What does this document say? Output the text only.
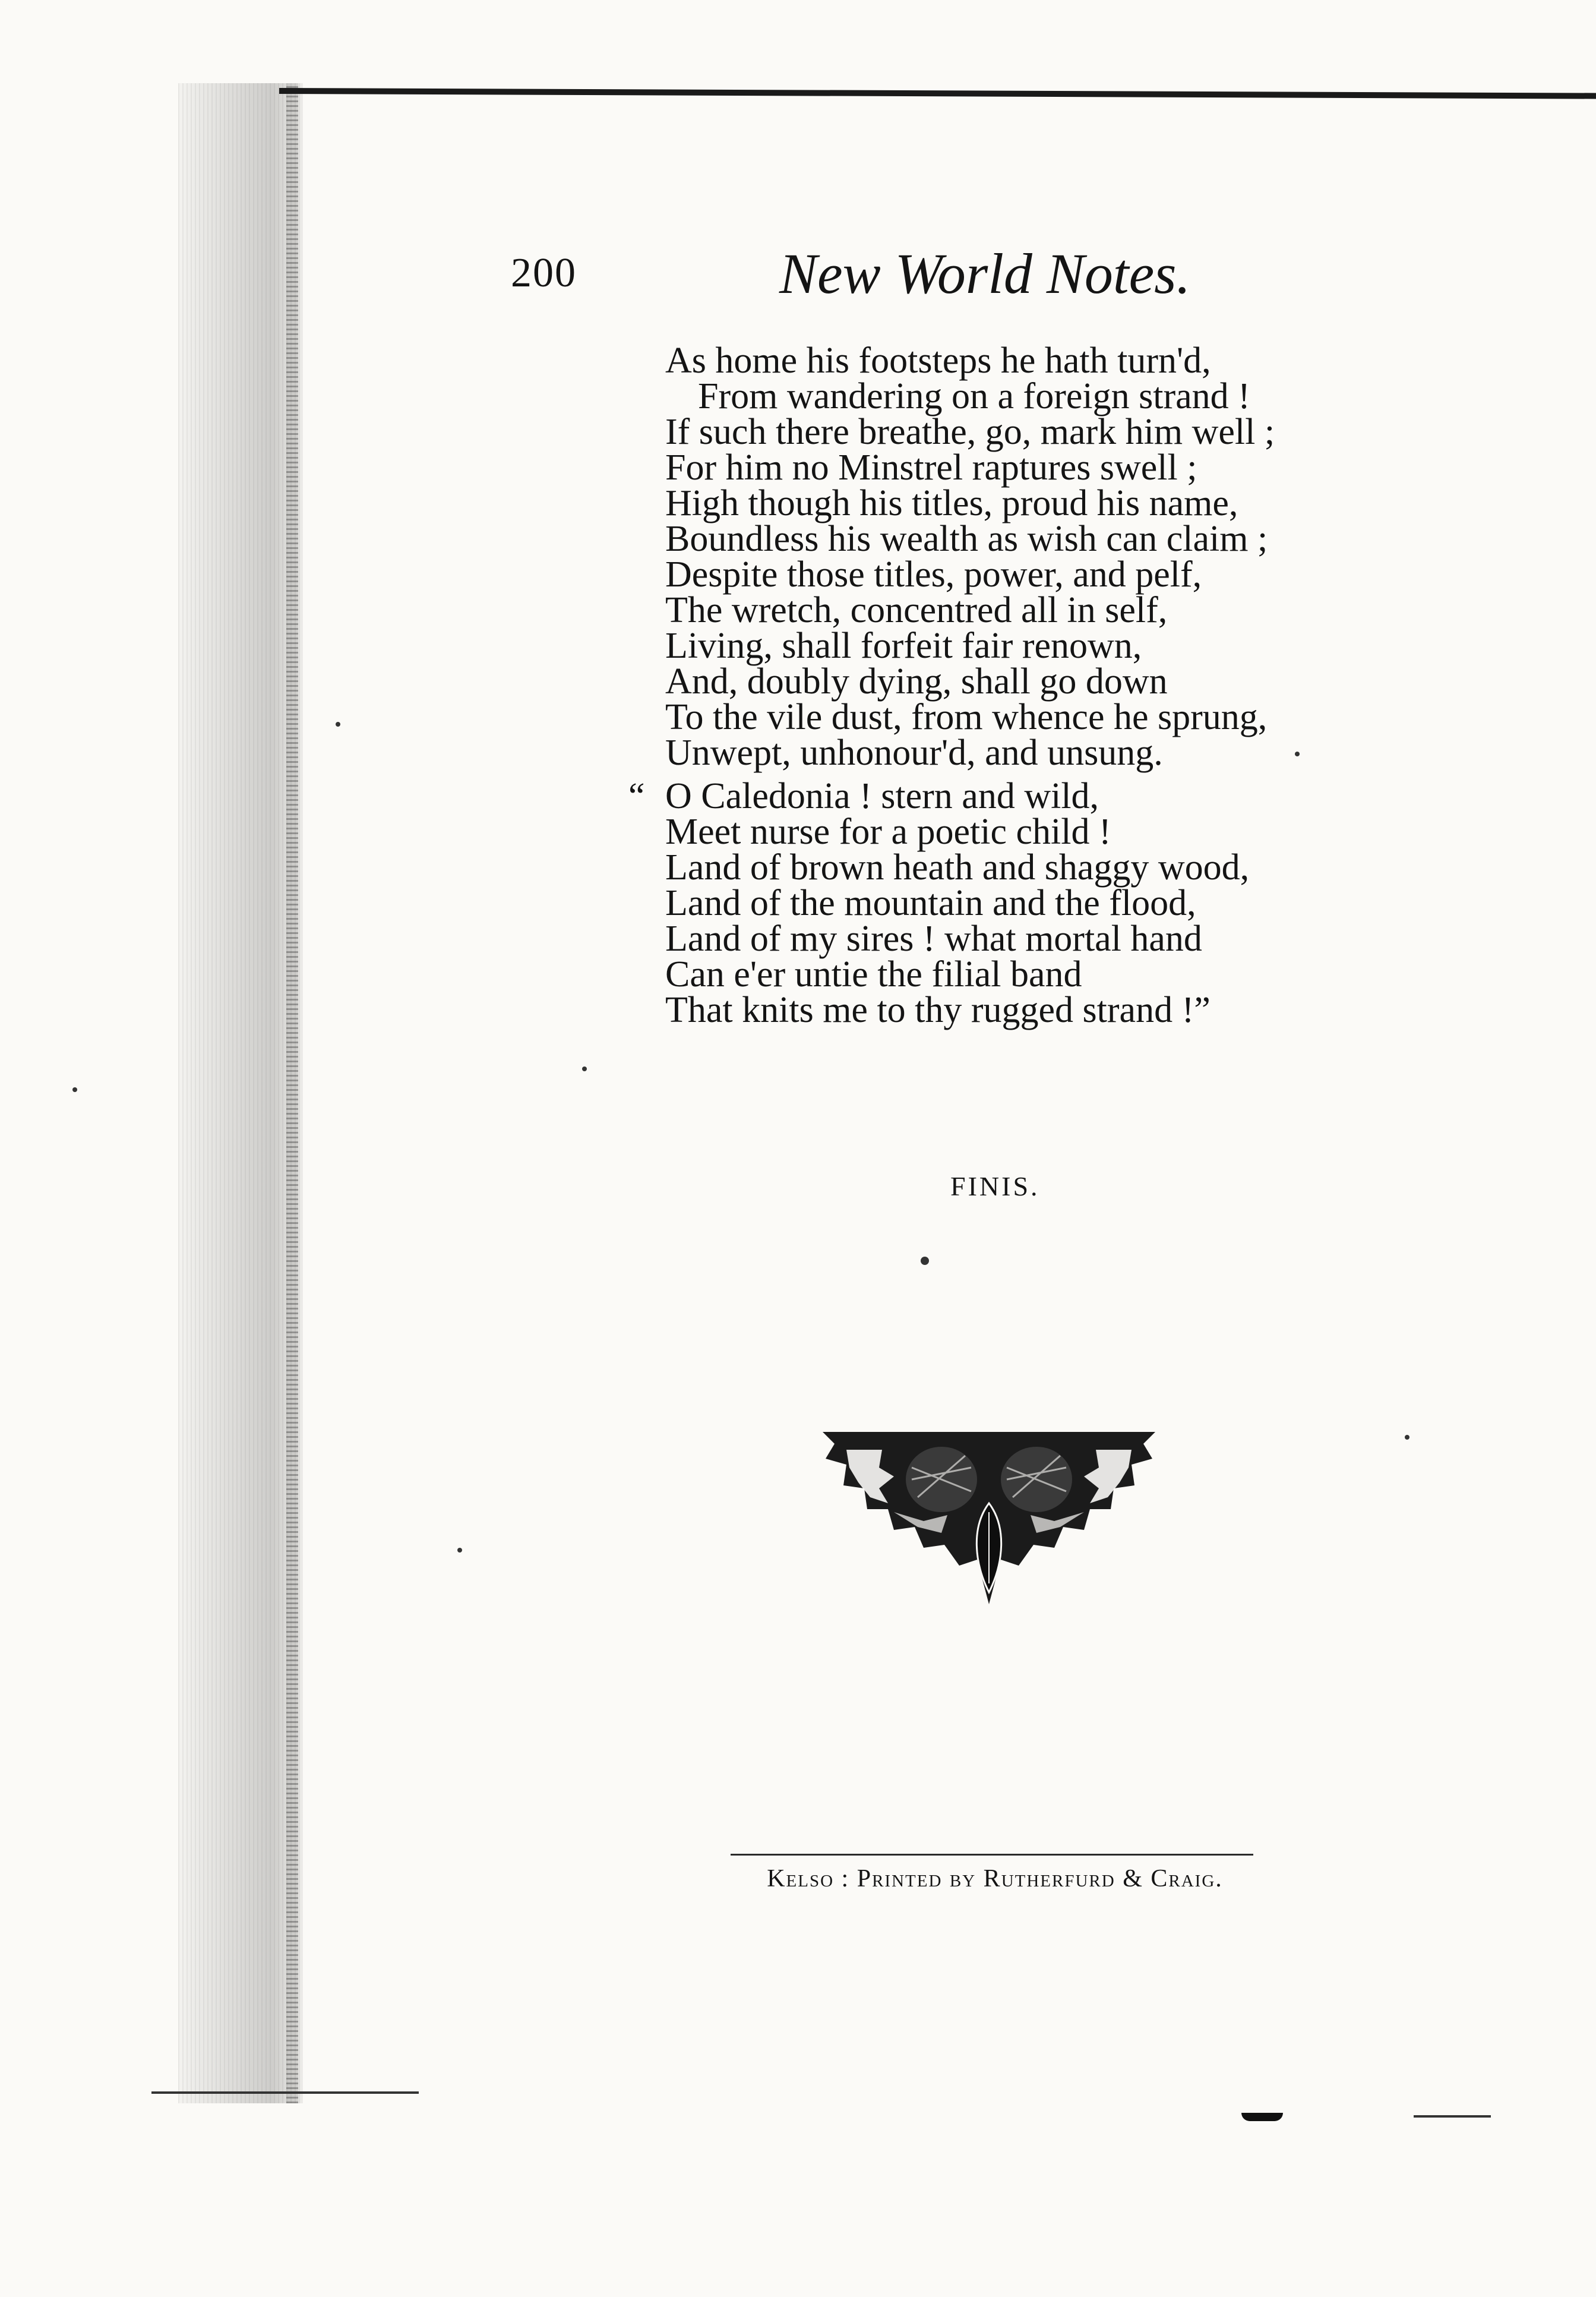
200	New World Notes.
As home his footsteps he hath turn'd,
From wandering on a foreign strand !
If such there breathe, go, mark him well ;
For him no Minstrel raptures swell ;
High though his titles, proud his name,
Boundless his wealth as wish can claim ;
Despite those titles, power, and pelf,
The wretch, concentred all in self,
Living, shall forfeit fair renown,
And, doubly dying, shall go down
To the vile dust, from whence he sprung,
Unwept, unhonour'd, and unsung.
O Caledonia ! stern and wild,
Meet nurse for a poetic child !
Land of brown heath and shaggy wood,
Land of the mountain and the flood,
Land of my sires ! what mortal hand
Can e'er untie the filial band
That knits me to thy rugged strand !”
“
FINIS.
Kelso : Printed by Rutherfurd & Craig.
